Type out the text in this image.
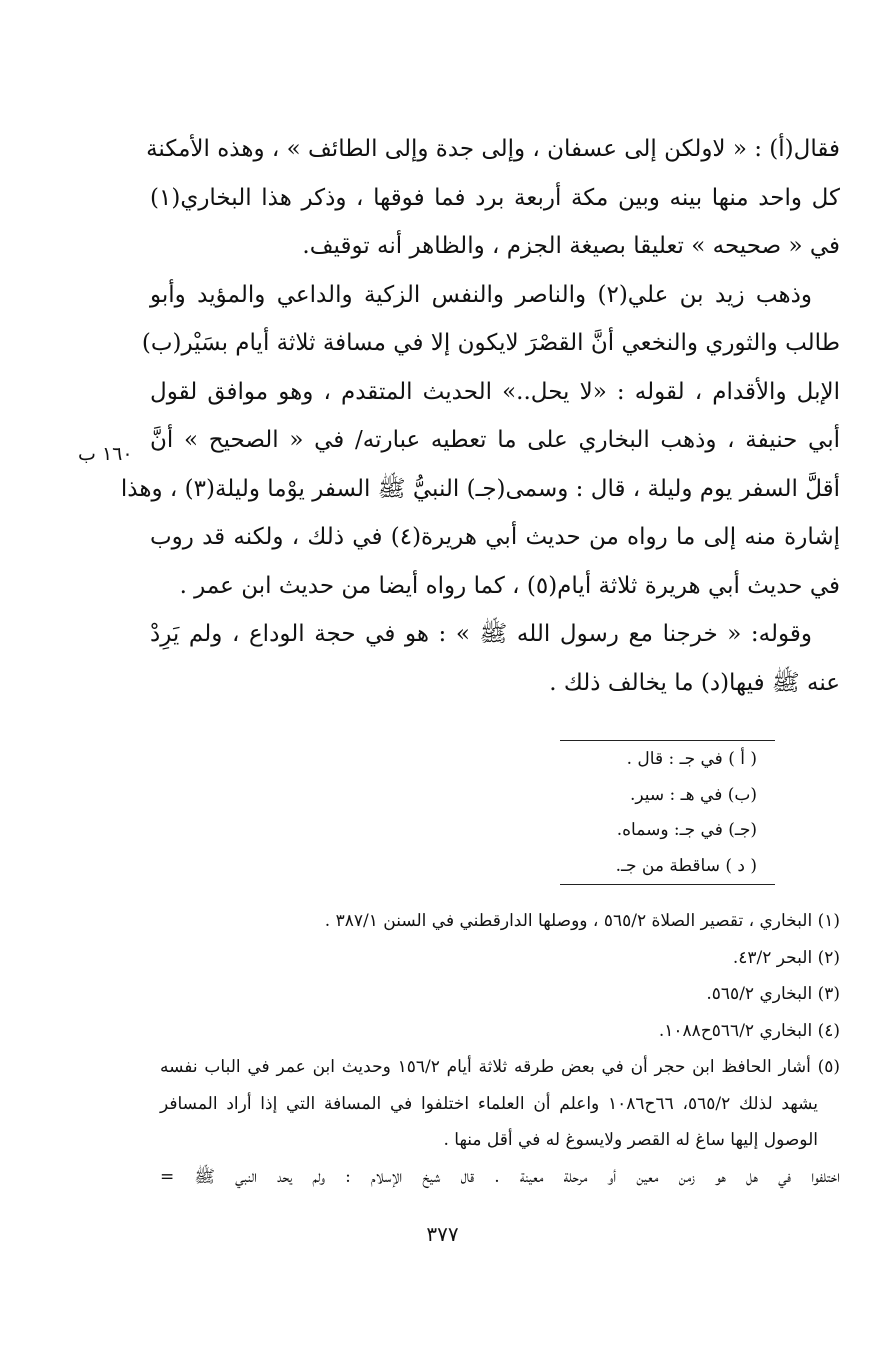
فقال(أ) : « لاولكن إلى عسفان ، وإلى جدة وإلى الطائف » ، وهذه الأمكنة
كل واحد منها بينه وبين مكة أربعة برد فما فوقها ، وذكر هذا البخاري(١)
في « صحيحه » تعليقا بصيغة الجزم ، والظاهر أنه توقيف.
وذهب زيد بن علي(٢) والناصر والنفس الزكية والداعي والمؤيد وأبو
طالب والثوري والنخعي أنَّ القصْرَ لايكون إلا في مسافة ثلاثة أيام بسَيْر(ب)
الإبل والأقدام ، لقوله : «لا يحل..» الحديث المتقدم ، وهو موافق لقول
أبي حنيفة ، وذهب البخاري على ما تعطيه عبارته/ في « الصحيح » أنَّ
أقلَّ السفر يوم وليلة ، قال : وسمى(جـ) النبيُّ ﷺ السفر يوْما وليلة(٣) ، وهذا
إشارة منه إلى ما رواه من حديث أبي هريرة(٤) في ذلك ، ولكنه قد روب
في حديث أبي هريرة ثلاثة أيام(٥) ، كما رواه أيضا من حديث ابن عمر .
وقوله: « خرجنا مع رسول الله ﷺ » : هو في حجة الوداع ، ولم يَرِدْ
عنه ﷺ فيها(د) ما يخالف ذلك .
١٦٠ ب
( أ ) في جـ : قال .
(ب) في هـ : سير.
(جـ) في جـ: وسماه.
( د ) ساقطة من جـ.
(١) البخاري ، تقصير الصلاة ٥٦٥/٢ ، ووصلها الدارقطني في السنن ٣٨٧/١ .
(٢) البحر ٤٣/٢.
(٣) البخاري ٥٦٥/٢.
(٤) البخاري ٥٦٦/٢ح١٠٨٨.
(٥) أشار الحافظ ابن حجر أن في بعض طرقه ثلاثة أيام ١٥٦/٢ وحديث ابن عمر في الباب نفسه
يشهد لذلك ٥٦٥/٢، ٦٦ح١٠٨٦ واعلم أن العلماء اختلفوا في المسافة التي إذا أراد المسافر
الوصول إليها ساغ له القصر ولايسوغ له في أقل منها .
اختلفوا في هل هو زمن معين أو مرحلة معينة . قال شيخ الإسلام : ولم يحد النبي ﷺ =
٣٧٧
